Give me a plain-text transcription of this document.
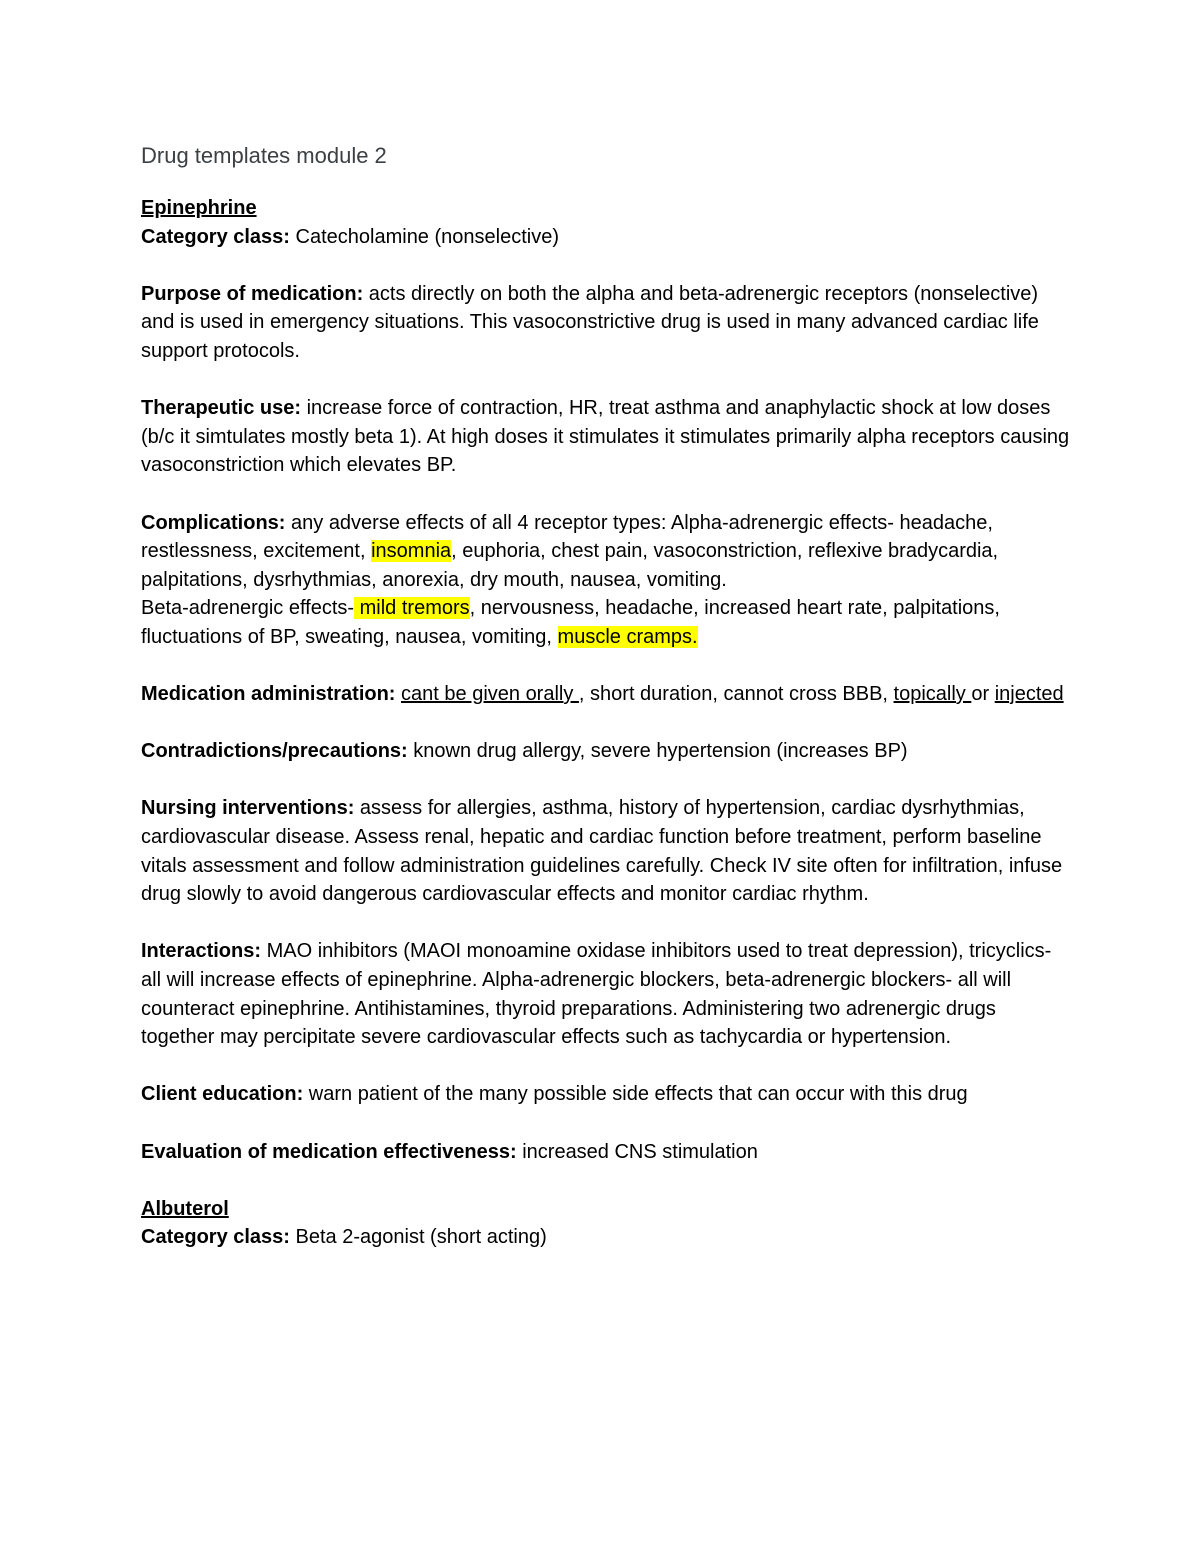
Drug templates module 2

Epinephrine

Category class: Catecholamine (nonselective)

Purpose of medication: acts directly on both the alpha and beta-adrenergic receptors (nonselective) and is used in emergency situations. This vasoconstrictive drug is used in many advanced cardiac life support protocols.

Therapeutic use: increase force of contraction, HR, treat asthma and anaphylactic shock at low doses (b/c it simtulates mostly beta 1). At high doses it stimulates it stimulates primarily alpha receptors causing vasoconstriction which elevates BP.

Complications: any adverse effects of all 4 receptor types: Alpha-adrenergic effects- headache, restlessness, excitement, insomnia, euphoria, chest pain, vasoconstriction, reflexive bradycardia, palpitations, dysrhythmias, anorexia, dry mouth, nausea, vomiting.

Beta-adrenergic effects- mild tremors, nervousness, headache, increased heart rate, palpitations, fluctuations of BP, sweating, nausea, vomiting, muscle cramps.

Medication administration: cant be given orally , short duration, cannot cross BBB, topically or injected

Contradictions/precautions: known drug allergy, severe hypertension (increases BP)

Nursing interventions: assess for allergies, asthma, history of hypertension, cardiac dysrhythmias, cardiovascular disease. Assess renal, hepatic and cardiac function before treatment, perform baseline vitals assessment and follow administration guidelines carefully. Check IV site often for infiltration, infuse drug slowly to avoid dangerous cardiovascular effects and monitor cardiac rhythm.

Interactions: MAO inhibitors (MAOI monoamine oxidase inhibitors used to treat depression), tricyclics- all will increase effects of epinephrine. Alpha-adrenergic blockers, beta-adrenergic blockers- all will counteract epinephrine. Antihistamines, thyroid preparations. Administering two adrenergic drugs together may percipitate severe cardiovascular effects such as tachycardia or hypertension.

Client education: warn patient of the many possible side effects that can occur with this drug

Evaluation of medication effectiveness: increased CNS stimulation

Albuterol

Category class: Beta 2-agonist (short acting)
